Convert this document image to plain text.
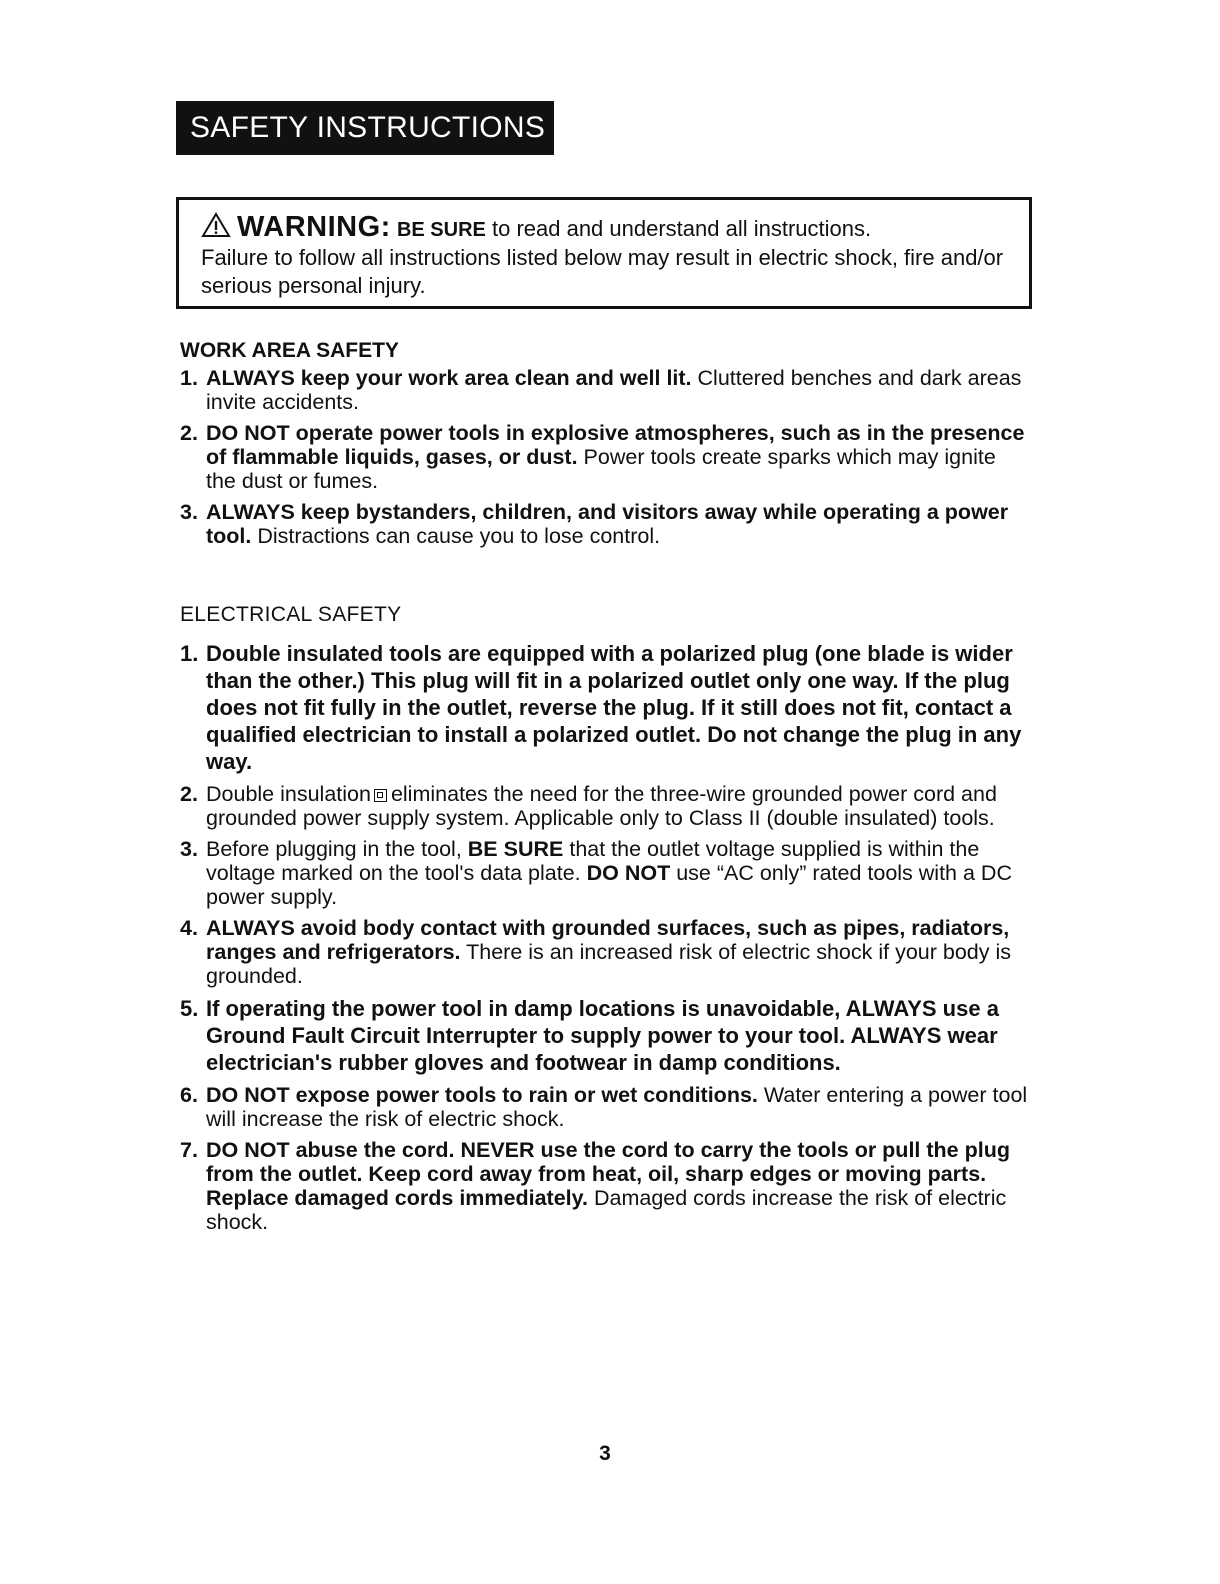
SAFETY INSTRUCTIONS
WARNING: BE SURE to read and understand all instructions.
Failure to follow all instructions listed below may result in electric shock, fire and/or serious personal injury.
WORK AREA SAFETY
1. ALWAYS keep your work area clean and well lit. Cluttered benches and dark areas invite accidents.
2. DO NOT operate power tools in explosive atmospheres, such as in the presence of flammable liquids, gases, or dust. Power tools create sparks which may ignite the dust or fumes.
3. ALWAYS keep bystanders, children, and visitors away while operating a power tool. Distractions can cause you to lose control.
ELECTRICAL SAFETY
1. Double insulated tools are equipped with a polarized plug (one blade is wider than the other.) This plug will fit in a polarized outlet only one way. If the plug does not fit fully in the outlet, reverse the plug. If it still does not fit, contact a qualified electrician to install a polarized outlet. Do not change the plug in any way.
2. Double insulation eliminates the need for the three-wire grounded power cord and grounded power supply system. Applicable only to Class II (double insulated) tools.
3. Before plugging in the tool, BE SURE that the outlet voltage supplied is within the voltage marked on the tool's data plate. DO NOT use “AC only” rated tools with a DC power supply.
4. ALWAYS avoid body contact with grounded surfaces, such as pipes, radiators, ranges and refrigerators. There is an increased risk of electric shock if your body is grounded.
5. If operating the power tool in damp locations is unavoidable, ALWAYS use a Ground Fault Circuit Interrupter to supply power to your tool. ALWAYS wear electrician's rubber gloves and footwear in damp conditions.
6. DO NOT expose power tools to rain or wet conditions. Water entering a power tool will increase the risk of electric shock.
7. DO NOT abuse the cord. NEVER use the cord to carry the tools or pull the plug from the outlet. Keep cord away from heat, oil, sharp edges or moving parts. Replace damaged cords immediately. Damaged cords increase the risk of electric shock.
3
